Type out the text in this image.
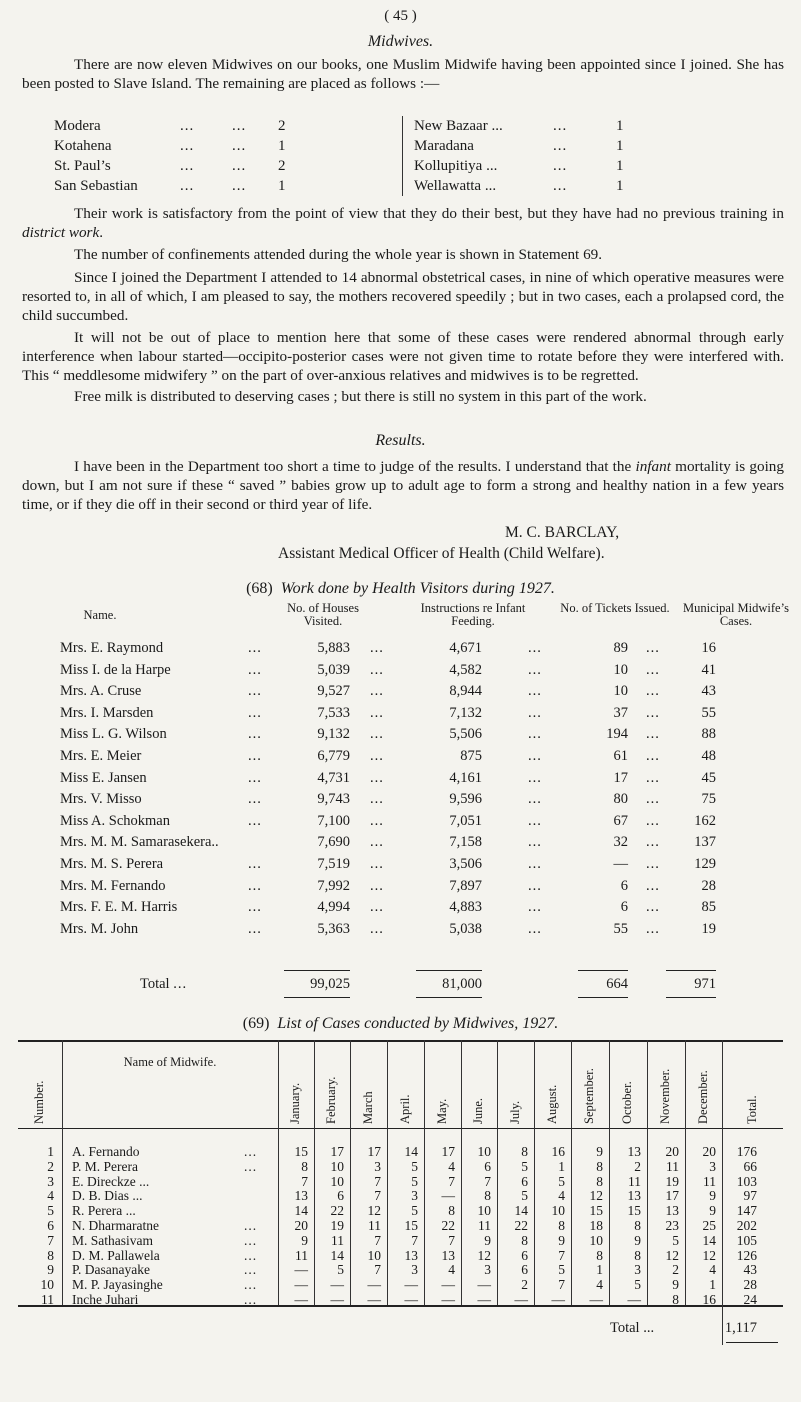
( 45 )
Midwives.
There are now eleven Midwives on our books, one Muslim Midwife having been appointed since I joined. She has been posted to Slave Island. The remaining are placed as follows :—
Modera	...	... 2
Kotahena	...	... 1
St. Paul’s	...	... 2
San Sebastian	...	... 1
New Bazaar ...	...	1
Maradana	...	1
Kollupitiya ...	...	1
Wellawatta ...	...	1
Their work is satisfactory from the point of view that they do their best, but they have had no previous training in district work.
The number of confinements attended during the whole year is shown in Statement 69.
Since I joined the Department I attended to 14 abnormal obstetrical cases, in nine of which operative measures were resorted to, in all of which, I am pleased to say, the mothers recovered speedily ; but in two cases, each a prolapsed cord, the child succumbed.
It will not be out of place to mention here that some of these cases were rendered abnormal through early interference when labour started—occipito-posterior cases were not given time to rotate before they were interfered with. This “ meddlesome midwifery ” on the part of over-anxious relatives and midwives is to be regretted.
Free milk is distributed to deserving cases ; but there is still no system in this part of the work.
Results.
I have been in the Department too short a time to judge of the results. I understand that the infant mortality is going down, but I am not sure if these “ saved ” babies grow up to adult age to form a strong and healthy nation in a few years time, or if they die off in their second or third year of life.
M. C. BARCLAY,
Assistant Medical Officer of Health (Child Welfare).
(68) Work done by Health Visitors during 1927.
Name.	No. of Houses Visited.
Instructions re Infant Feeding.
No. of Tickets Issued.	Municipal Midwife’s Cases.
Mrs. E. Raymond	...	5,883 ...	4,671	...	89 ...	16
Miss I. de la Harpe	...	5,039 ...	4,582	...	10 ...	41
Mrs. A. Cruse	...	9,527 ...	8,944	...	10 ...	43
Mrs. I. Marsden	...	7,533 ...	7,132	...	37 ...	55
Miss L. G. Wilson	...	9,132 ...	5,506	...	194 ...	88
Mrs. E. Meier	...	6,779 ...	875	...	61 ...	48
Miss E. Jansen	...	4,731 ...	4,161	...	17 ...	45
Mrs. V. Misso	...	9,743 ...	9,596	...	80 ...	75
Miss A. Schokman	...	7,100 ...	7,051	...	67 ...	162
Mrs. M. M. Samarasekera..	7,690 ...	7,158	...	32 ...	137
Mrs. M. S. Perera	...	7,519 ...	3,506	...	— ...	129
Mrs. M. Fernando	...	7,992 ...	7,897	...	6 ...	28
Mrs. F. E. M. Harris	...	4,994 ...	4,883	...	6 ...	85
Mrs. M. John	...	5,363 ...	5,038	...	55 ...	19
Total ...	99,025	81,000	664	971
(69) List of Cases conducted by Midwives, 1927.
Number.
Name of Midwife.
January. February. March April. May. June. July. August. September. October. November. December.	Total.
1 A. Fernando	...	15	17	17	14	17	10	8	16	9	13	20	20	176
2 P. M. Perera	...	8	10	3	5	4	6	5	1	8	2	11	3	66
3 E. Direckze ...	7	10	7	5	7	7	6	5	8	11	19	11	103
4 D. B. Dias ...	13	6	7	3	—	8	5	4	12	13	17	9	97
5 R. Perera ...	14	22	12	5	8	10	14	10	15	15	13	9	147
6 N. Dharmaratne	...	20	19	11	15	22	11	22	8	18	8	23	25	202
7 M. Sathasivam	...	9	11	7	7	7	9	8	9	10	9	5	14	105
8 D. M. Pallawela	...	11	14	10	13	13	12	6	7	8	8	12	12	126
9 P. Dasanayake	...	—	5	7	3	4	3	6	5	1	3	2	4	43
10 M. P. Jayasinghe	...	—	—	—	—	—	—	2	7	4	5	9	1	28
11 Inche Juhari	...	—	—	—	—	—	—	—	—	—	—	8	16	24
Total ...	1,117
